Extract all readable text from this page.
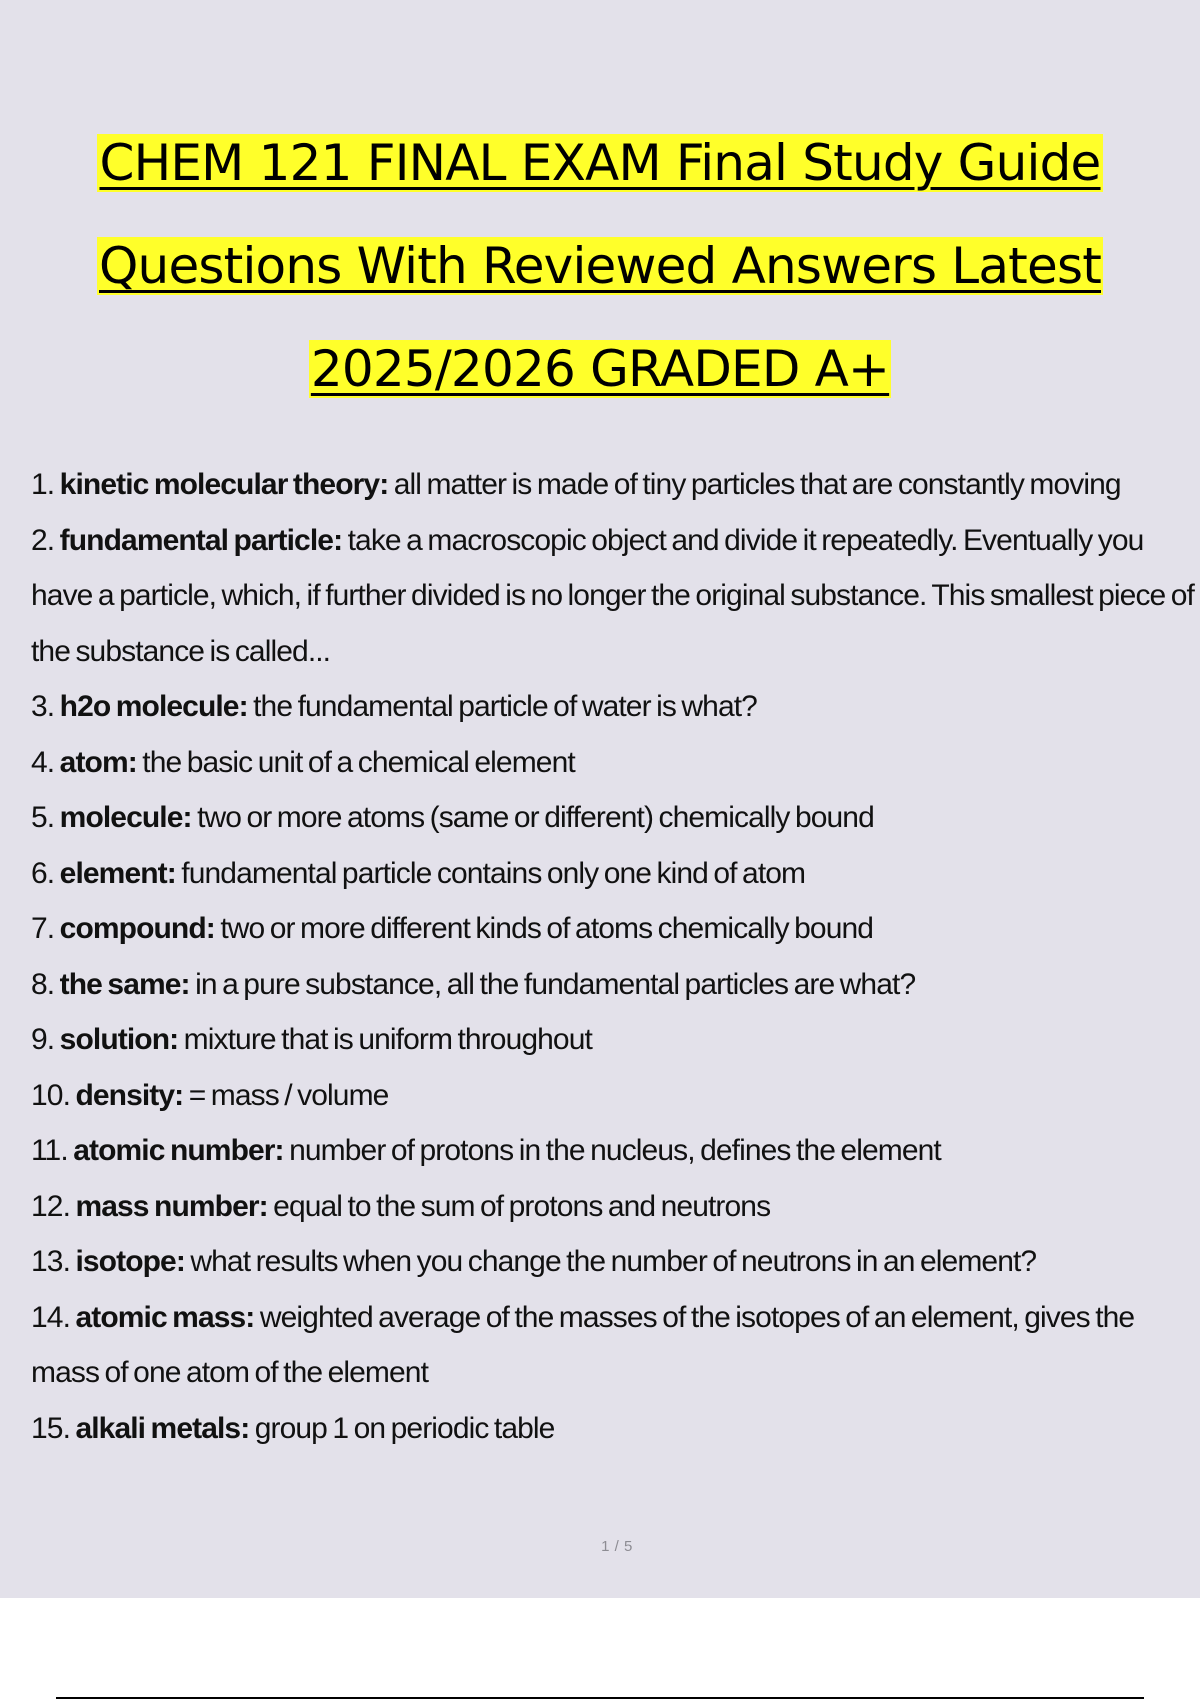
CHEM 121 FINAL EXAM Final Study Guide
Questions With Reviewed Answers Latest
2025/2026 GRADED A+

1. kinetic molecular theory: all matter is made of tiny particles that are constantly moving

2. fundamental particle: take a macroscopic object and divide it repeatedly. Eventually you have a particle, which, if further divided is no longer the original substance. This smallest piece of the substance is called...

3. h2o molecule: the fundamental particle of water is what?

4. atom: the basic unit of a chemical element

5. molecule: two or more atoms (same or different) chemically bound

6. element: fundamental particle contains only one kind of atom

7. compound: two or more different kinds of atoms chemically bound

8. the same: in a pure substance, all the fundamental particles are what?

9. solution: mixture that is uniform throughout

10. density: = mass / volume

11. atomic number: number of protons in the nucleus, defines the element

12. mass number: equal to the sum of protons and neutrons

13. isotope: what results when you change the number of neutrons in an element?

14. atomic mass: weighted average of the masses of the isotopes of an element, gives the mass of one atom of the element

15. alkali metals: group 1 on periodic table

1 / 5
